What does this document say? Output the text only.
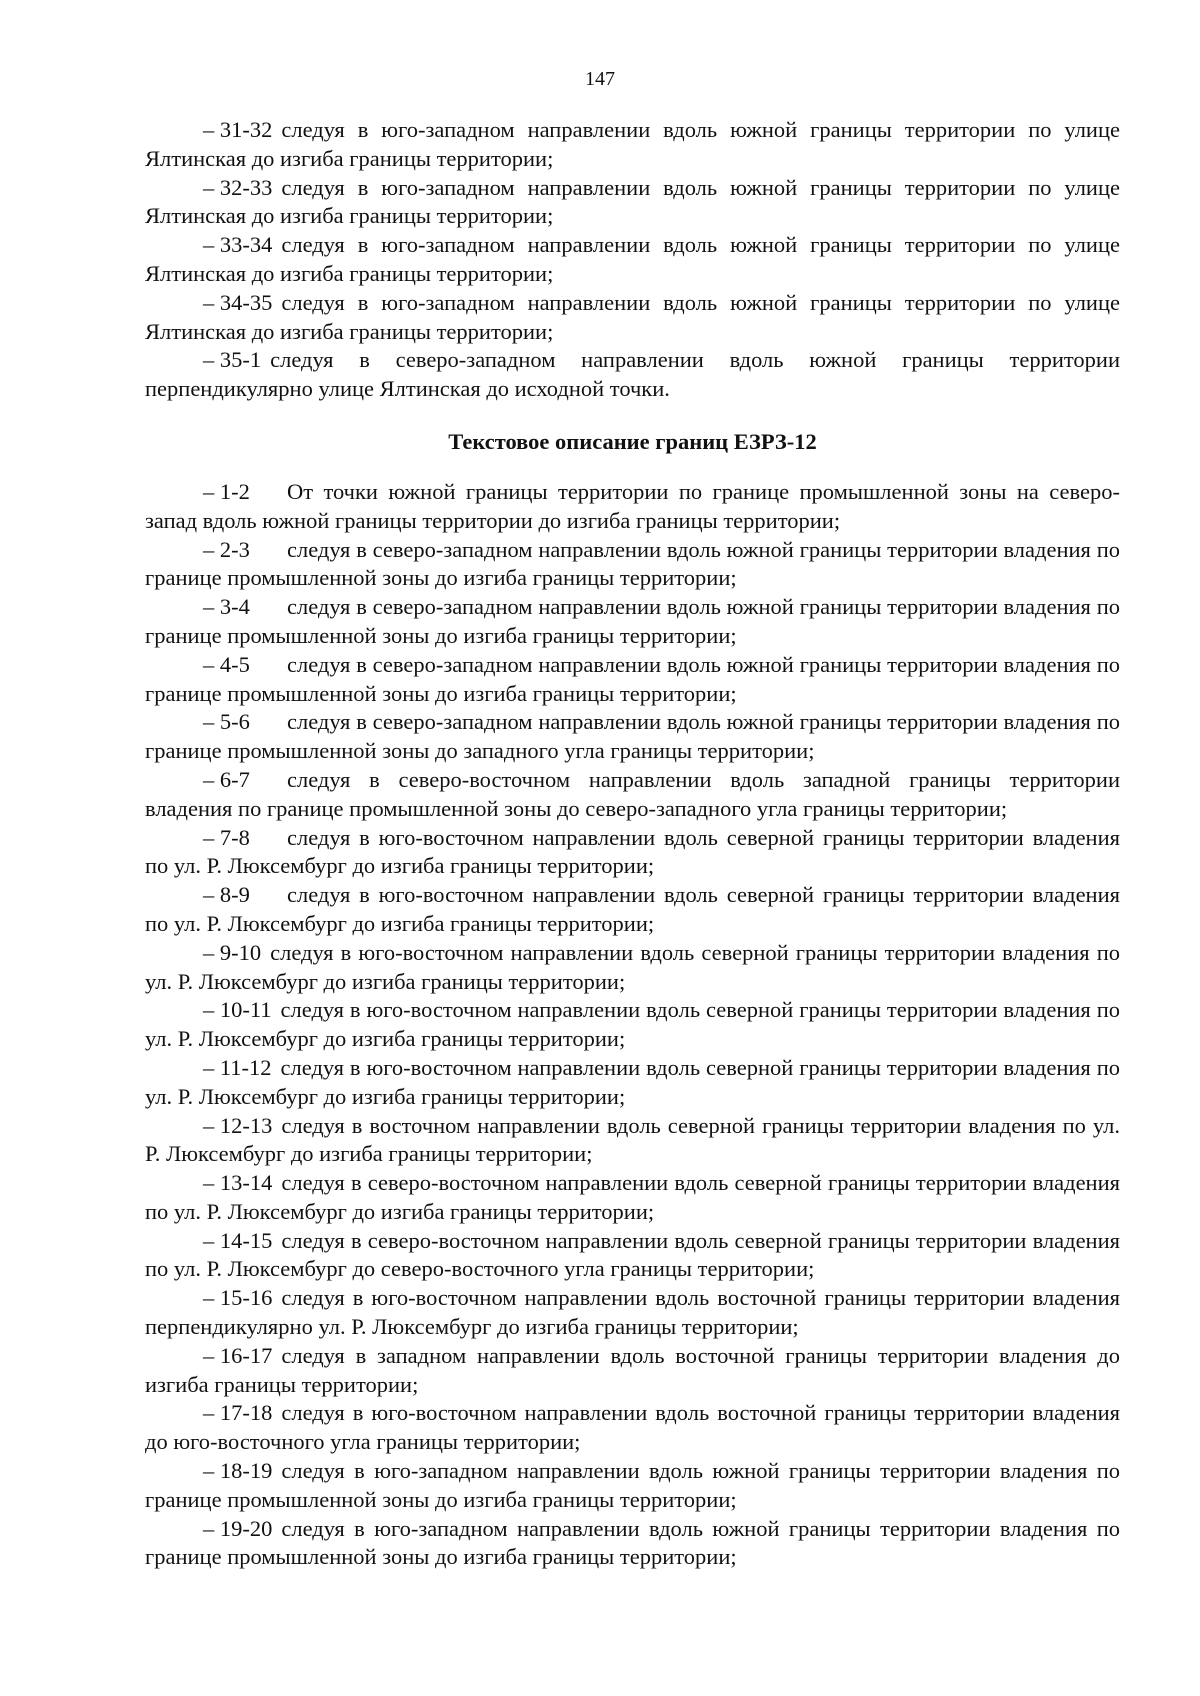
147

– 31-32 следуя в юго-западном направлении вдоль южной границы территории по улице Ялтинская до изгиба границы территории;

– 32-33 следуя в юго-западном направлении вдоль южной границы территории по улице Ялтинская до изгиба границы территории;

– 33-34 следуя в юго-западном направлении вдоль южной границы территории по улице Ялтинская до изгиба границы территории;

– 34-35 следуя в юго-западном направлении вдоль южной границы территории по улице Ялтинская до изгиба границы территории;

– 35-1 следуя в северо-западном направлении вдоль южной границы территории перпендикулярно улице Ялтинская до исходной точки.

Текстовое описание границ ЕЗРЗ-12

– 1-2 От точки южной границы территории по границе промышленной зоны на северо-запад вдоль южной границы территории до изгиба границы территории;

– 2-3 следуя в северо-западном направлении вдоль южной границы территории владения по границе промышленной зоны до изгиба границы территории;

– 3-4 следуя в северо-западном направлении вдоль южной границы территории владения по границе промышленной зоны до изгиба границы территории;

– 4-5 следуя в северо-западном направлении вдоль южной границы территории владения по границе промышленной зоны до изгиба границы территории;

– 5-6 следуя в северо-западном направлении вдоль южной границы территории владения по границе промышленной зоны до западного угла границы территории;

– 6-7 следуя в северо-восточном направлении вдоль западной границы территории владения по границе промышленной зоны до северо-западного угла границы территории;

– 7-8 следуя в юго-восточном направлении вдоль северной границы территории владения по ул. Р. Люксембург до изгиба границы территории;

– 8-9 следуя в юго-восточном направлении вдоль северной границы территории владения по ул. Р. Люксембург до изгиба границы территории;

– 9-10 следуя в юго-восточном направлении вдоль северной границы территории владения по ул. Р. Люксембург до изгиба границы территории;

– 10-11 следуя в юго-восточном направлении вдоль северной границы территории владения по ул. Р. Люксембург до изгиба границы территории;

– 11-12 следуя в юго-восточном направлении вдоль северной границы территории владения по ул. Р. Люксембург до изгиба границы территории;

– 12-13 следуя в восточном направлении вдоль северной границы территории владения по ул. Р. Люксембург до изгиба границы территории;

– 13-14 следуя в северо-восточном направлении вдоль северной границы территории владения по ул. Р. Люксембург до изгиба границы территории;

– 14-15 следуя в северо-восточном направлении вдоль северной границы территории владения по ул. Р. Люксембург до северо-восточного угла границы территории;

– 15-16 следуя в юго-восточном направлении вдоль восточной границы территории владения перпендикулярно ул. Р. Люксембург до изгиба границы территории;

– 16-17 следуя в западном направлении вдоль восточной границы территории владения до изгиба границы территории;

– 17-18 следуя в юго-восточном направлении вдоль восточной границы территории владения до юго-восточного угла границы территории;

– 18-19 следуя в юго-западном направлении вдоль южной границы территории владения по границе промышленной зоны до изгиба границы территории;

– 19-20 следуя в юго-западном направлении вдоль южной границы территории владения по границе промышленной зоны до изгиба границы территории;
